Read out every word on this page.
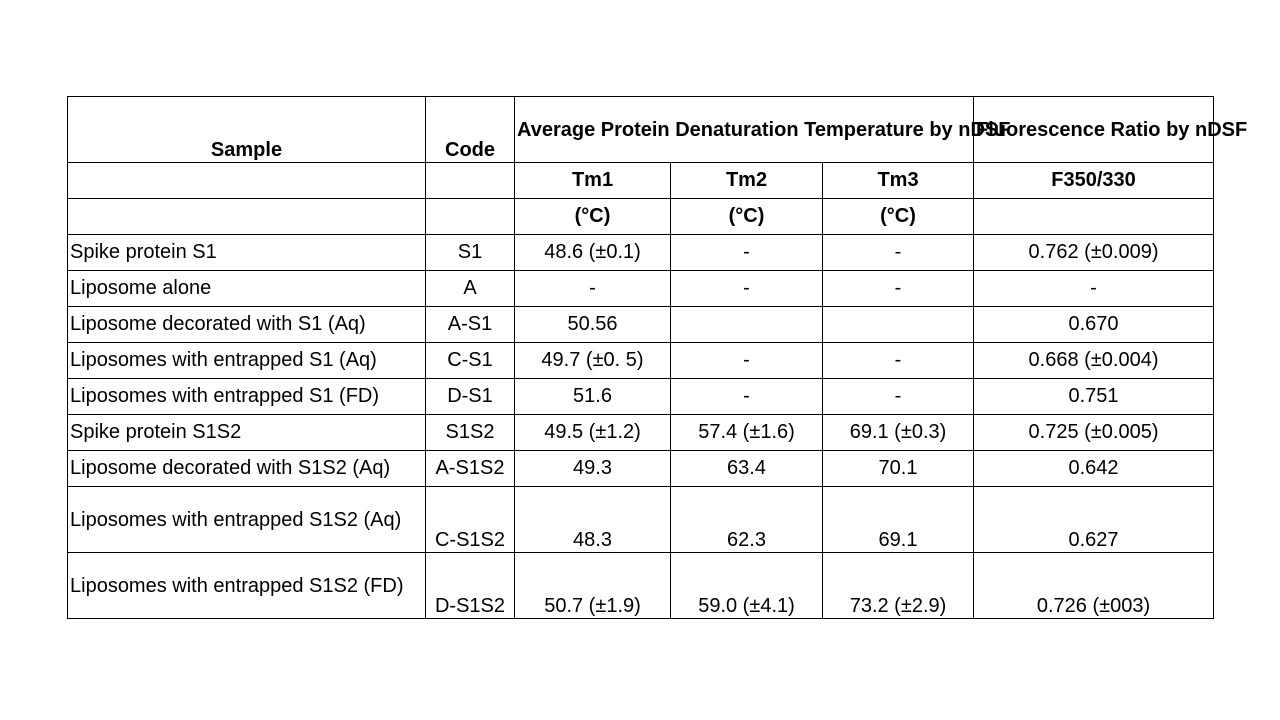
Sample	Code	Average Protein Denaturation Temperature by nDSF			Fluorescence Ratio by nDSF
		Tm1	Tm2	Tm3	F350/330
		(°C)	(°C)	(°C)	
Spike protein S1	S1	48.6 (±0.1)	-	-	0.762 (±0.009)
Liposome alone	A	-	-	-	-
Liposome decorated with S1 (Aq)	A-S1	50.56			0.670
Liposomes with entrapped S1 (Aq)	C-S1	49.7 (±0. 5)	-	-	0.668 (±0.004)
Liposomes with entrapped S1 (FD)	D-S1	51.6	-	-	0.751
Spike protein S1S2	S1S2	49.5 (±1.2)	57.4 (±1.6)	69.1 (±0.3)	0.725 (±0.005)
Liposome decorated with S1S2 (Aq)	A-S1S2	49.3	63.4	70.1	0.642
Liposomes with entrapped S1S2 (Aq)	C-S1S2	48.3	62.3	69.1	0.627
Liposomes with entrapped S1S2 (FD)	D-S1S2	50.7 (±1.9)	59.0 (±4.1)	73.2 (±2.9)	0.726 (±003)
